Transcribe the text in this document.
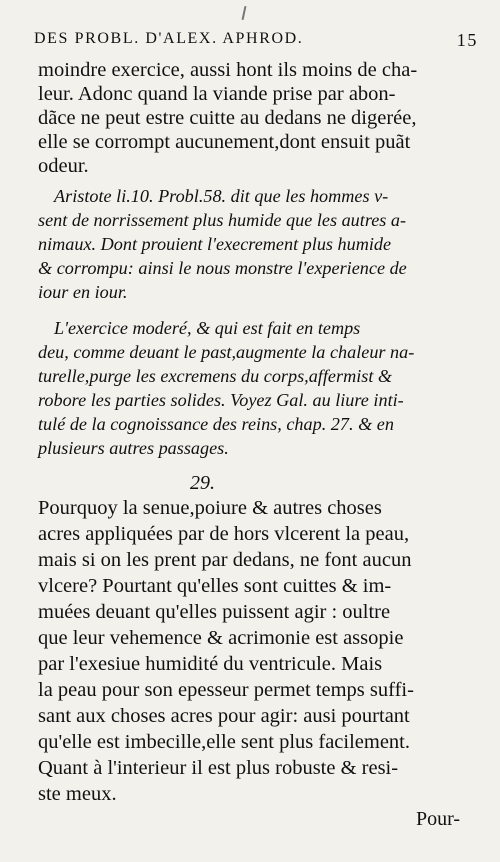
DES PROBL. D'ALEX. APHROD.	15
moindre exercice, aussi hont ils moins de cha-
leur. Adonc quand la viande prise par abon-
dãce ne peut estre cuitte au dedans ne digerée,
elle se corrompt aucunement,dont ensuit puãt
odeur.
Aristote li.10. Probl.58. dit que les hommes v-
sent de norrissement plus humide que les autres a-
nimaux. Dont prouient l'execrement plus humide
& corrompu: ainsi le nous monstre l'experience de
iour en iour.
L'exercice moderé, & qui est fait en temps
deu, comme deuant le past,augmente la chaleur na-
turelle,purge les excremens du corps,affermist &
robore les parties solides. Voyez Gal. au liure inti-
tulé de la cognoissance des reins, chap. 27. & en
plusieurs autres passages.
29.
Pourquoy la senue,poiure & autres choses
acres appliquées par de hors vlcerent la peau,
mais si on les prent par dedans, ne font aucun
vlcere? Pourtant qu'elles sont cuittes & im-
muées deuant qu'elles puissent agir : oultre
que leur vehemence & acrimonie est assopie
par l'exesiue humidité du ventricule. Mais
la peau pour son epesseur permet temps suffi-
sant aux choses acres pour agir: ausi pourtant
qu'elle est imbecille,elle sent plus facilement.
Quant à l'interieur il est plus robuste & resi-
ste meux.
Pour-
